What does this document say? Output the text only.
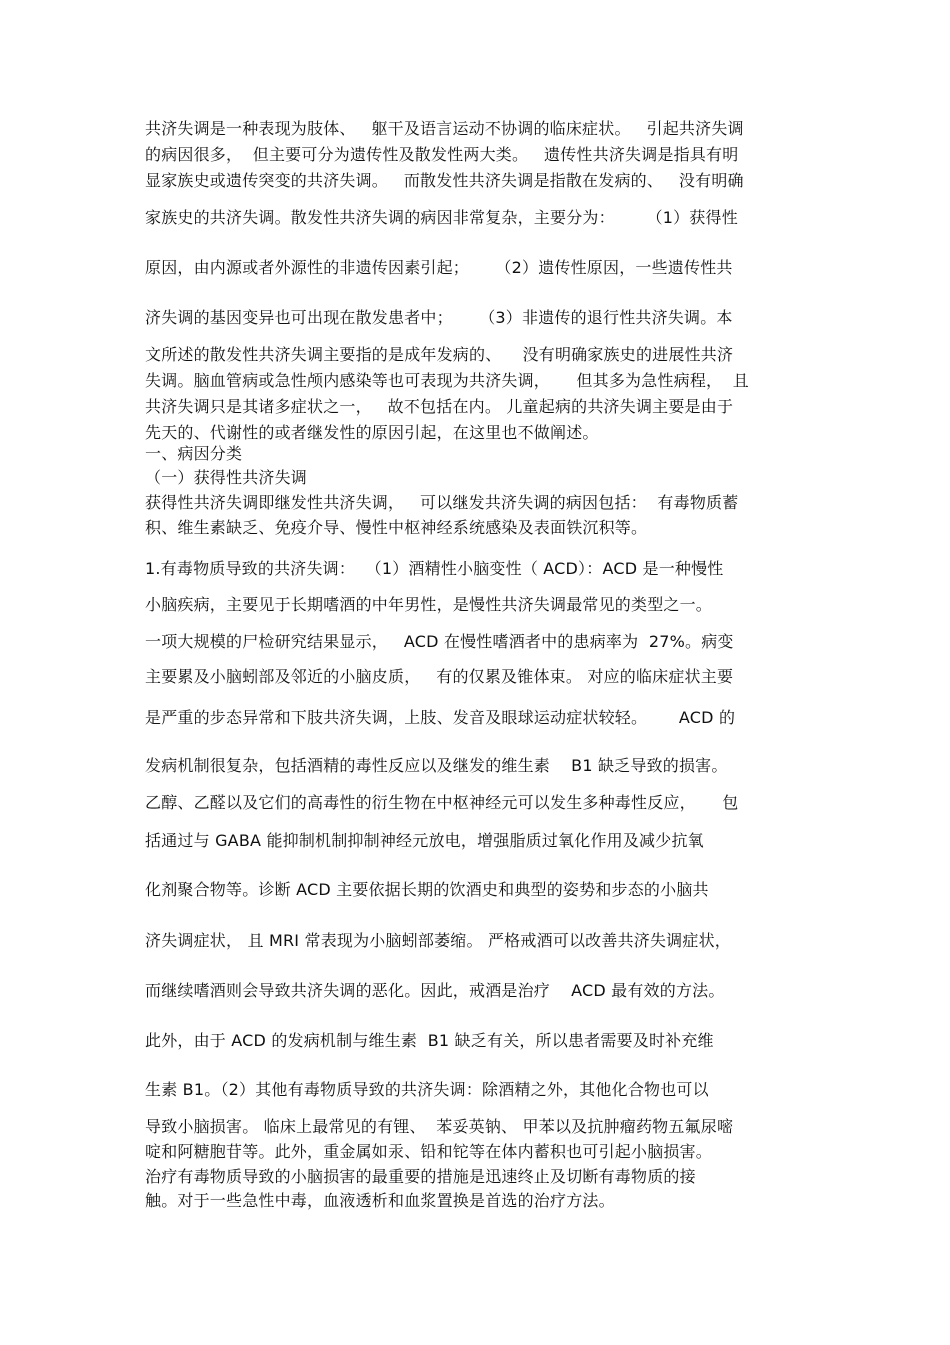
共济失调是一种表现为肢体、   躯干及语言运动不协调的临床症状。   引起共济失调
的病因很多，  但主要可分为遗传性及散发性两大类。   遗传性共济失调是指具有明
显家族史或遗传突变的共济失调。   而散发性共济失调是指散在发病的、   没有明确
家族史的共济失调。散发性共济失调的病因非常复杂，主要分为：      （1）获得性
原因，由内源或者外源性的非遗传因素引起；     （2）遗传性原因，一些遗传性共
济失调的基因变异也可出现在散发患者中；     （3）非遗传的退行性共济失调。本
文所述的散发性共济失调主要指的是成年发病的、    没有明确家族史的进展性共济
失调。脑血管病或急性颅内感染等也可表现为共济失调，     但其多为急性病程，  且
共济失调只是其诸多症状之一，   故不包括在内。 儿童起病的共济失调主要是由于
先天的、代谢性的或者继发性的原因引起，在这里也不做阐述。
一、病因分类
（一）获得性共济失调
获得性共济失调即继发性共济失调，   可以继发共济失调的病因包括：  有毒物质蓄
积、维生素缺乏、免疫介导、慢性中枢神经系统感染及表面铁沉积等。
1.有毒物质导致的共济失调：  （1）酒精性小脑变性（ ACD）：ACD 是一种慢性
小脑疾病，主要见于长期嗜酒的中年男性，是慢性共济失调最常见的类型之一。
一项大规模的尸检研究结果显示，   ACD 在慢性嗜酒者中的患病率为  27%。病变
主要累及小脑蚓部及邻近的小脑皮质，   有的仅累及锥体束。 对应的临床症状主要
是严重的步态异常和下肢共济失调，上肢、发音及眼球运动症状较轻。      ACD 的
发病机制很复杂，包括酒精的毒性反应以及继发的维生素    B1 缺乏导致的损害。
乙醇、乙醛以及它们的高毒性的衍生物在中枢神经元可以发生多种毒性反应，     包
括通过与 GABA 能抑制机制抑制神经元放电，增强脂质过氧化作用及减少抗氧
化剂聚合物等。诊断 ACD 主要依据长期的饮酒史和典型的姿势和步态的小脑共
济失调症状， 且 MRI 常表现为小脑蚓部萎缩。 严格戒酒可以改善共济失调症状，
而继续嗜酒则会导致共济失调的恶化。因此，戒酒是治疗    ACD 最有效的方法。
此外，由于 ACD 的发病机制与维生素  B1 缺乏有关，所以患者需要及时补充维
生素 B1。（2）其他有毒物质导致的共济失调：除酒精之外，其他化合物也可以
导致小脑损害。 临床上最常见的有锂、  苯妥英钠、 甲苯以及抗肿瘤药物五氟尿嘧
啶和阿糖胞苷等。此外，重金属如汞、铅和铊等在体内蓄积也可引起小脑损害。
治疗有毒物质导致的小脑损害的最重要的措施是迅速终止及切断有毒物质的接
触。对于一些急性中毒，血液透析和血浆置换是首选的治疗方法。
